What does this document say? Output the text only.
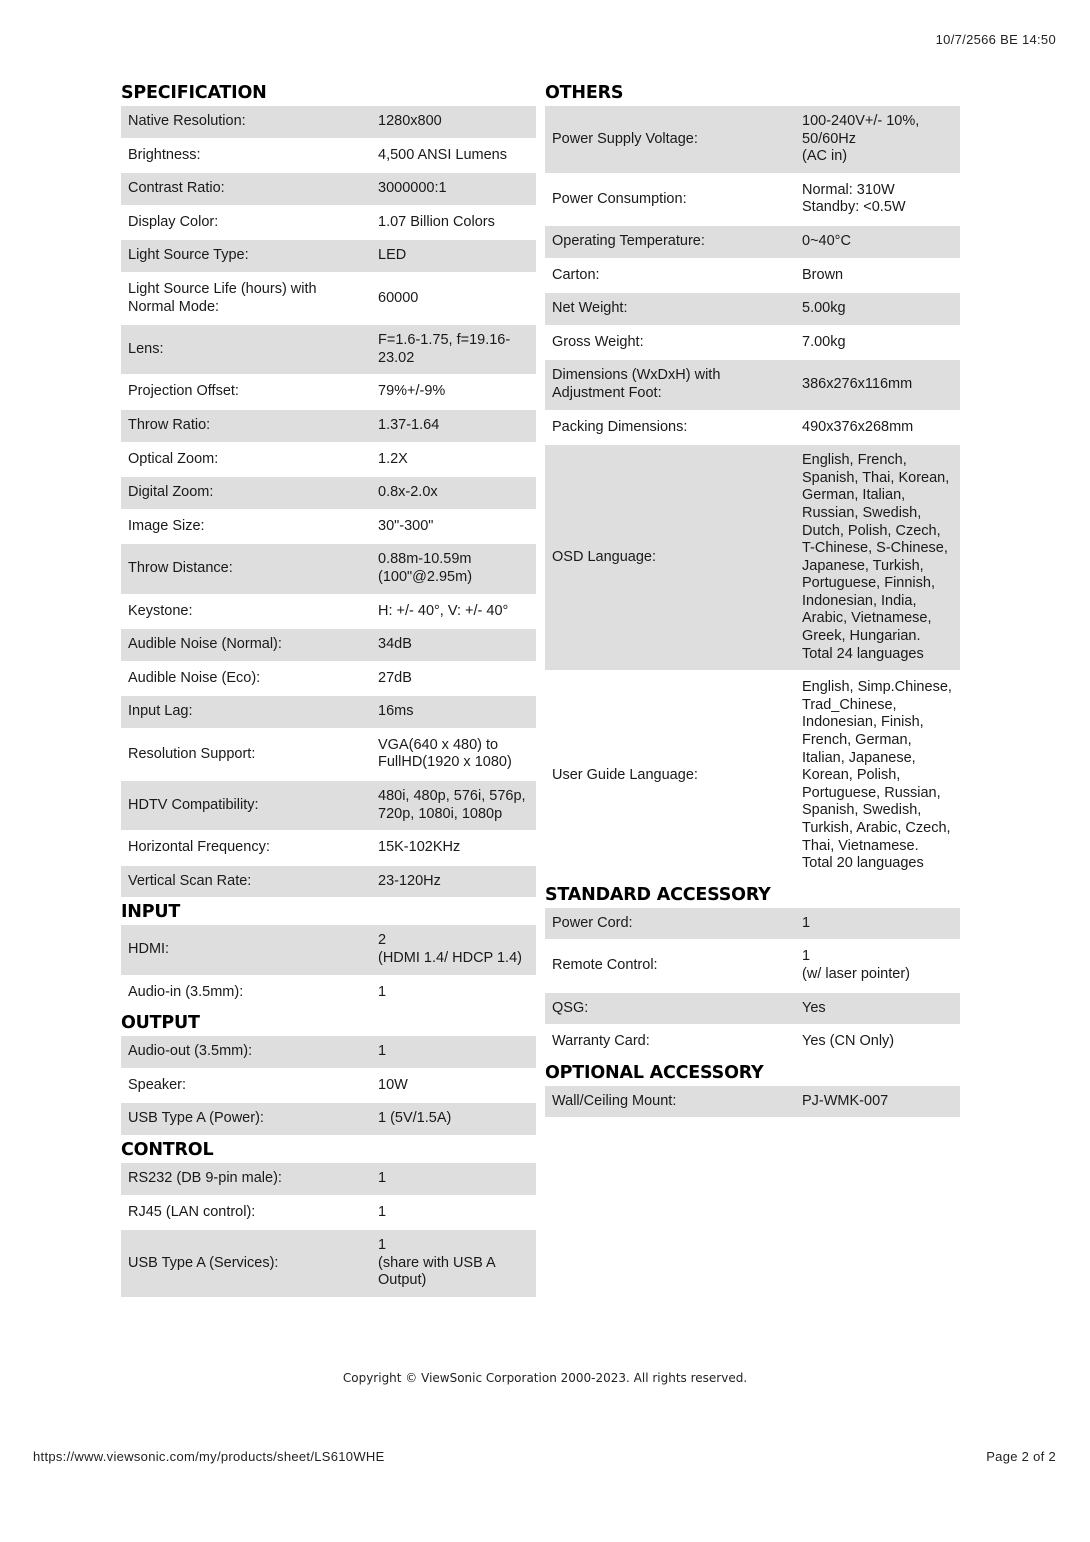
10/7/2566 BE 14:50
SPECIFICATION
Native Resolution:	1280x800
Brightness:	4,500 ANSI Lumens
Contrast Ratio:	3000000:1
Display Color:	1.07 Billion Colors
Light Source Type:	LED
Light Source Life (hours) with Normal Mode:	60000
Lens:	F=1.6-1.75, f=19.16-23.02
Projection Offset:	79%+/-9%
Throw Ratio:	1.37-1.64
Optical Zoom:	1.2X
Digital Zoom:	0.8x-2.0x
Image Size:	30"-300"
Throw Distance:	0.88m-10.59m
(100"@2.95m)
Keystone:	H: +/- 40°, V: +/- 40°
Audible Noise (Normal):	34dB
Audible Noise (Eco):	27dB
Input Lag:	16ms
Resolution Support:	VGA(640 x 480) to FullHD(1920 x 1080)
HDTV Compatibility:	480i, 480p, 576i, 576p, 720p, 1080i, 1080p
Horizontal Frequency:	15K-102KHz
Vertical Scan Rate:	23-120Hz
INPUT
HDMI:	2
(HDMI 1.4/ HDCP 1.4)
Audio-in (3.5mm):	1
OUTPUT
Audio-out (3.5mm):	1
Speaker:	10W
USB Type A (Power):	1 (5V/1.5A)
CONTROL
RS232 (DB 9-pin male):	1
RJ45 (LAN control):	1
USB Type A (Services):	1
(share with USB A Output)
OTHERS
Power Supply Voltage:	100-240V+/- 10%, 50/60Hz
(AC in)
Power Consumption:	Normal: 310W
Standby: <0.5W
Operating Temperature:	0~40°C
Carton:	Brown
Net Weight:	5.00kg
Gross Weight:	7.00kg
Dimensions (WxDxH) with Adjustment Foot:	386x276x116mm
Packing Dimensions:	490x376x268mm
OSD Language:	English, French, Spanish, Thai, Korean, German, Italian, Russian, Swedish, Dutch, Polish, Czech, T-Chinese, S-Chinese, Japanese, Turkish, Portuguese, Finnish, Indonesian, India, Arabic, Vietnamese, Greek, Hungarian.
Total 24 languages
User Guide Language:	English, Simp.Chinese, Trad_Chinese, Indonesian, Finish, French, German, Italian, Japanese, Korean, Polish, Portuguese, Russian, Spanish, Swedish, Turkish, Arabic, Czech, Thai, Vietnamese.
Total 20 languages
STANDARD ACCESSORY
Power Cord:	1
Remote Control:	1
(w/ laser pointer)
QSG:	Yes
Warranty Card:	Yes (CN Only)
OPTIONAL ACCESSORY
Wall/Ceiling Mount:	PJ-WMK-007
Copyright © ViewSonic Corporation 2000-2023. All rights reserved.
https://www.viewsonic.com/my/products/sheet/LS610WHE	Page 2 of 2
